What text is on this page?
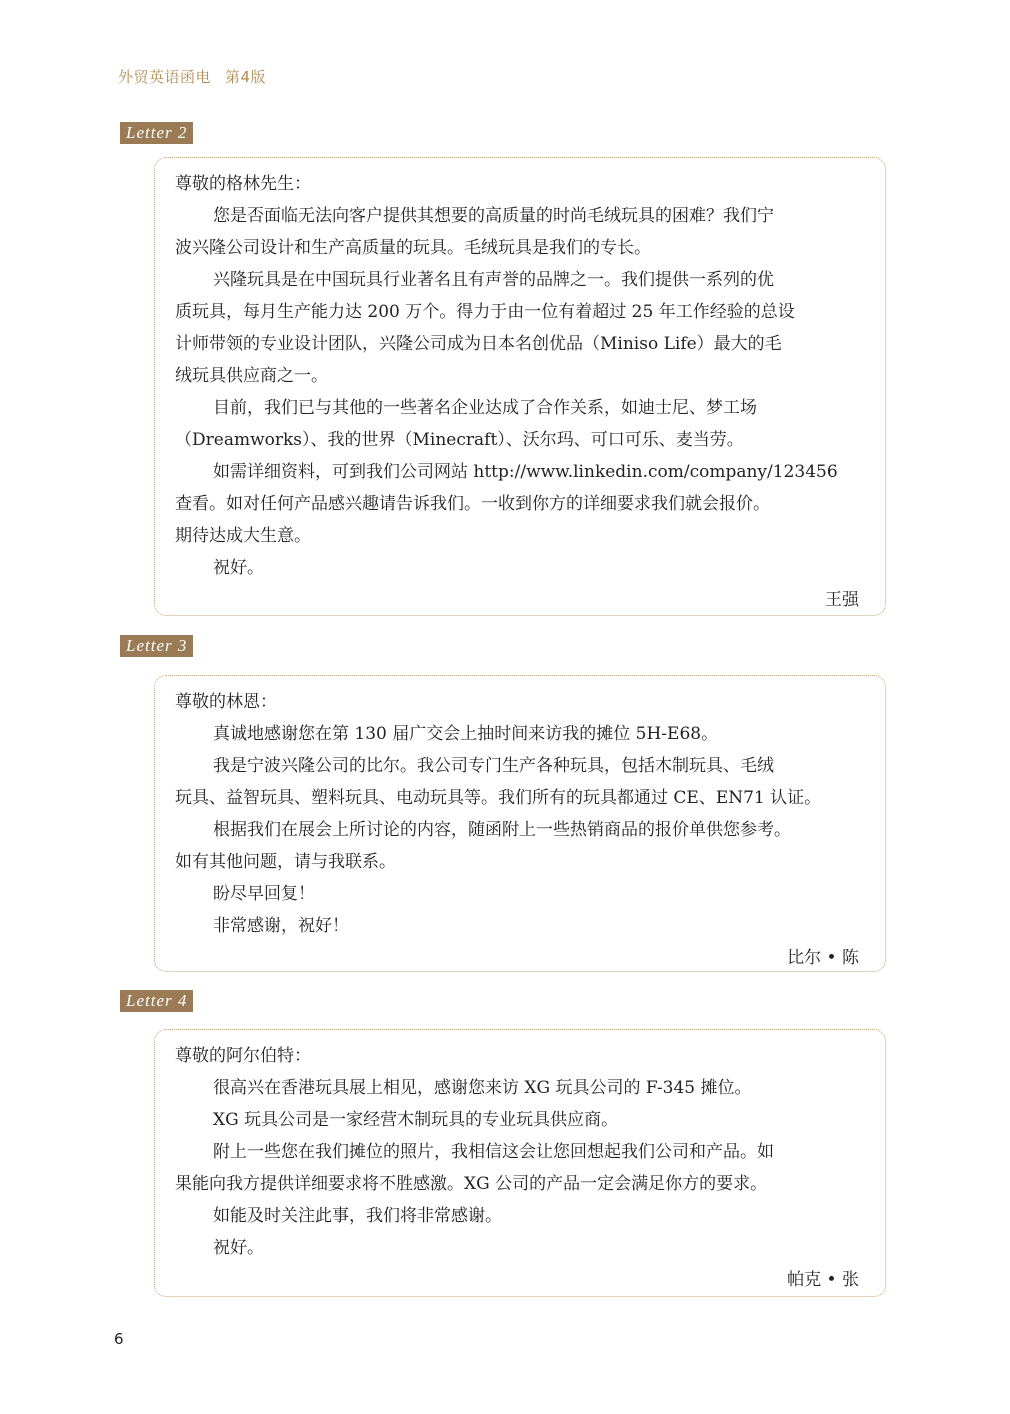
外贸英语函电 第4版
Letter 2

尊敬的格林先生：

您是否面临无法向客户提供其想要的高质量的时尚毛绒玩具的困难？我们宁

波兴隆公司设计和生产高质量的玩具。毛绒玩具是我们的专长。

兴隆玩具是在中国玩具行业著名且有声誉的品牌之一。我们提供一系列的优

质玩具，每月生产能力达 200 万个。得力于由一位有着超过 25 年工作经验的总设

计师带领的专业设计团队，兴隆公司成为日本名创优品（Miniso Life）最大的毛

绒玩具供应商之一。

目前，我们已与其他的一些著名企业达成了合作关系，如迪士尼、梦工场

（Dreamworks）、我的世界（Minecraft）、沃尔玛、可口可乐、麦当劳。

如需详细资料，可到我们公司网站 http://www.linkedin.com/company/123456

查看。如对任何产品感兴趣请告诉我们。一收到你方的详细要求我们就会报价。

期待达成大生意。

祝好。

王强

Letter 3

尊敬的林恩：

真诚地感谢您在第 130 届广交会上抽时间来访我的摊位 5H-E68。

我是宁波兴隆公司的比尔。我公司专门生产各种玩具，包括木制玩具、毛绒

玩具、益智玩具、塑料玩具、电动玩具等。我们所有的玩具都通过 CE、EN71 认证。

根据我们在展会上所讨论的内容，随函附上一些热销商品的报价单供您参考。

如有其他问题，请与我联系。

盼尽早回复！

非常感谢，祝好！

比尔 • 陈

Letter 4

尊敬的阿尔伯特：

很高兴在香港玩具展上相见，感谢您来访 XG 玩具公司的 F-345 摊位。

XG 玩具公司是一家经营木制玩具的专业玩具供应商。

附上一些您在我们摊位的照片，我相信这会让您回想起我们公司和产品。如

果能向我方提供详细要求将不胜感激。XG 公司的产品一定会满足你方的要求。

如能及时关注此事，我们将非常感谢。

祝好。

帕克 • 张

6
